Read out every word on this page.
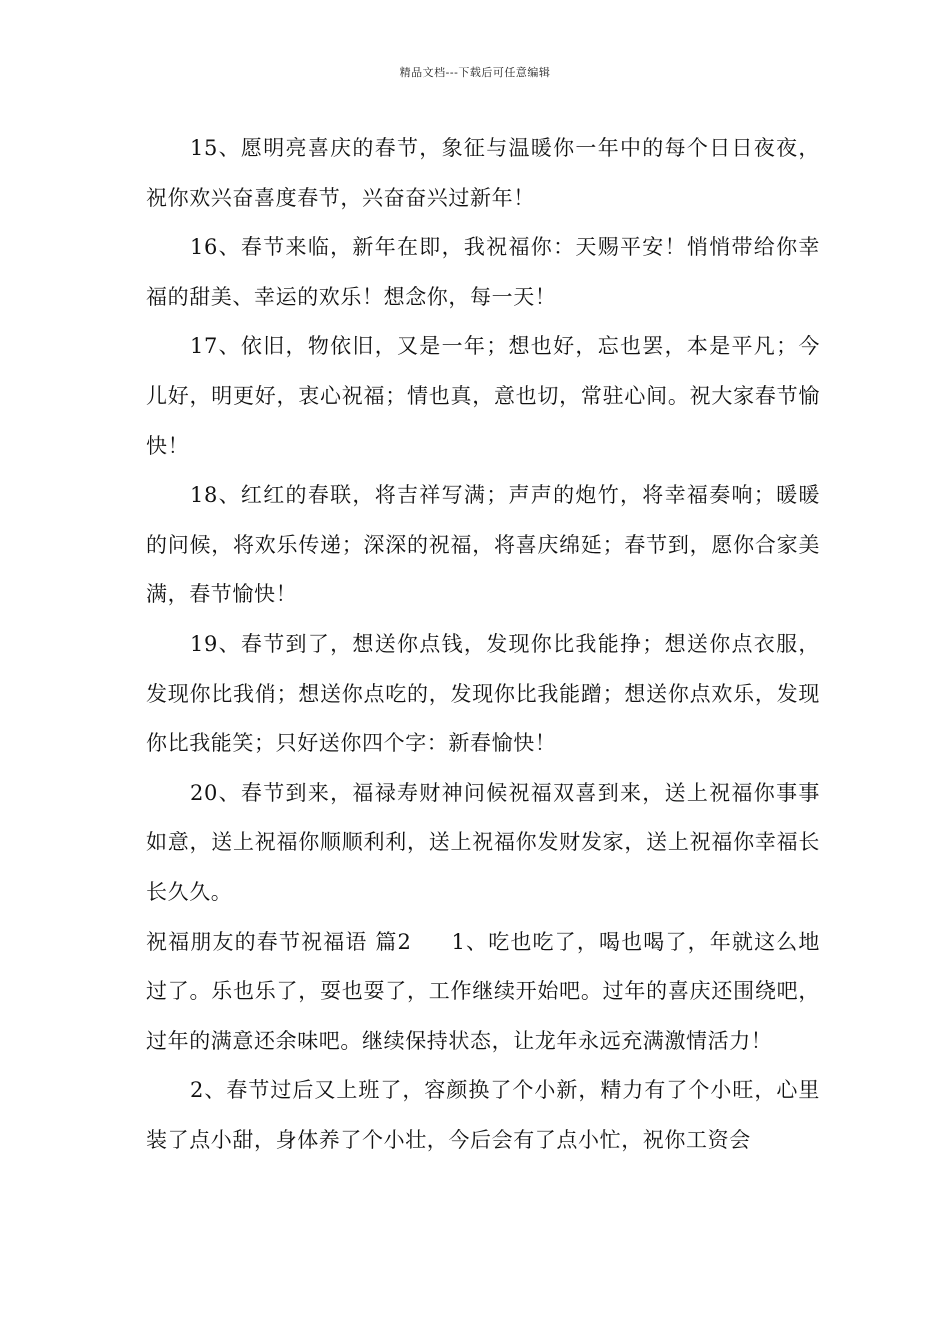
精品文档---下载后可任意编辑

15、愿明亮喜庆的春节，象征与温暖你一年中的每个日日夜夜，祝你欢兴奋喜度春节，兴奋奋兴过新年！

16、春节来临，新年在即，我祝福你：天赐平安！悄悄带给你幸福的甜美、幸运的欢乐！想念你，每一天！

17、依旧，物依旧，又是一年；想也好，忘也罢，本是平凡；今儿好，明更好，衷心祝福；情也真，意也切，常驻心间。祝大家春节愉快！

18、红红的春联，将吉祥写满；声声的炮竹，将幸福奏响；暖暖的问候，将欢乐传递；深深的祝福，将喜庆绵延；春节到，愿你合家美满，春节愉快！

19、春节到了，想送你点钱，发现你比我能挣；想送你点衣服，发现你比我俏；想送你点吃的，发现你比我能蹭；想送你点欢乐，发现你比我能笑；只好送你四个字：新春愉快！

20、春节到来，福禄寿财神问候祝福双喜到来，送上祝福你事事如意，送上祝福你顺顺利利，送上祝福你发财发家，送上祝福你幸福长长久久。

祝福朋友的春节祝福语 篇2 1、吃也吃了，喝也喝了，年就这么地过了。乐也乐了，耍也耍了，工作继续开始吧。过年的喜庆还围绕吧，过年的满意还余味吧。继续保持状态，让龙年永远充满激情活力！

2、春节过后又上班了，容颜换了个小新，精力有了个小旺，心里装了点小甜，身体养了个小壮，今后会有了点小忙，祝你工资会
